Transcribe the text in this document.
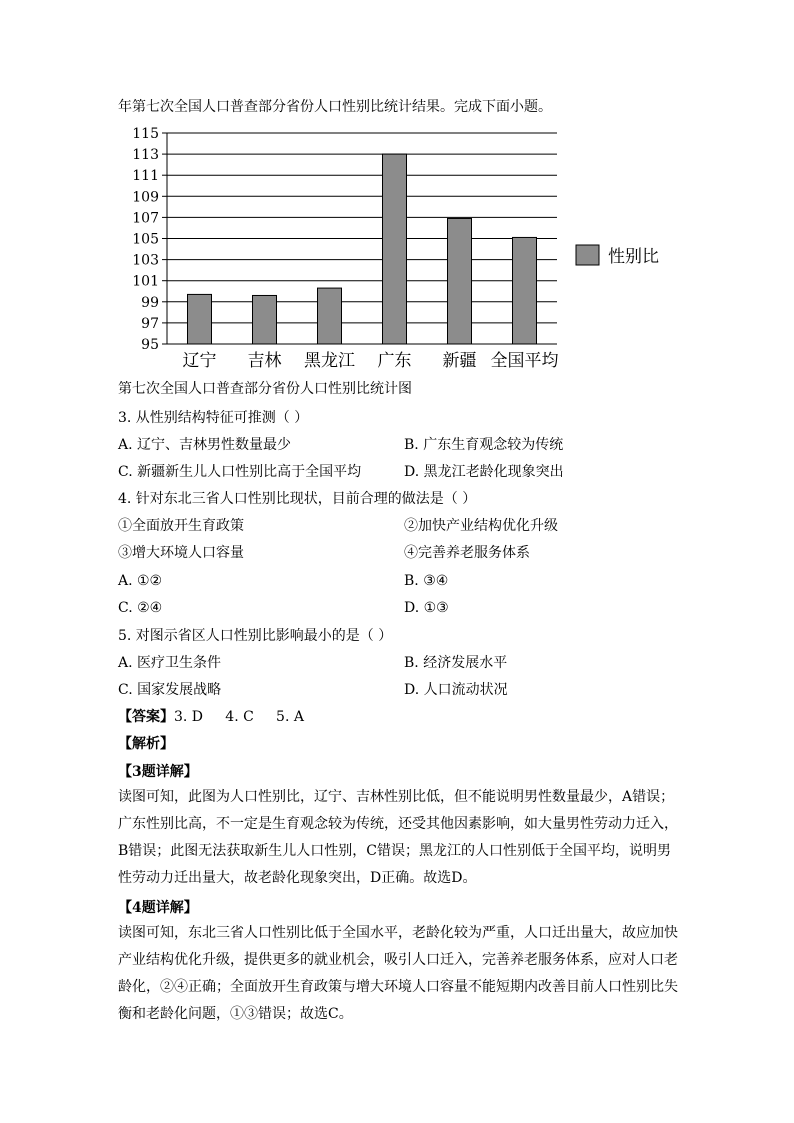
年第七次全国人口普查部分省份人口性别比统计结果。完成下面小题。
95
97
99
101
103
105
107
109
111
113
115
辽宁 吉林 黑龙江 广东 新疆 全国平均
性别比
第七次全国人口普查部分省份人口性别比统计图
3. 从性别结构特征可推测（ ）
A. 辽宁、吉林男性数量最少	B. 广东生育观念较为传统
C. 新疆新生儿人口性别比高于全国平均	D. 黑龙江老龄化现象突出
4. 针对东北三省人口性别比现状，目前合理的做法是（ ）
①全面放开生育政策	②加快产业结构优化升级
③增大环境人口容量	④完善养老服务体系
A. ①②	B. ③④
C. ②④	D. ①③
5. 对图示省区人口性别比影响最小的是（ ）
A. 医疗卫生条件	B. 经济发展水平
C. 国家发展战略	D. 人口流动状况
【答案】3. D     4. C     5. A
【解析】
【3题详解】

读图可知，此图为人口性别比，辽宁、吉林性别比低，但不能说明男性数量最少，A错误；广东性别比高，不一定是生育观念较为传统，还受其他因素影响，如大量男性劳动力迁入，B错误；此图无法获取新生儿人口性别，C错误；黑龙江的人口性别低于全国平均，说明男性劳动力迁出量大，故老龄化现象突出，D正确。故选D。

【4题详解】

读图可知，东北三省人口性别比低于全国水平，老龄化较为严重，人口迁出量大，故应加快产业结构优化升级，提供更多的就业机会，吸引人口迁入，完善养老服务体系，应对人口老龄化，②④正确；全面放开生育政策与增大环境人口容量不能短期内改善目前人口性别比失衡和老龄化问题，①③错误；故选C。
